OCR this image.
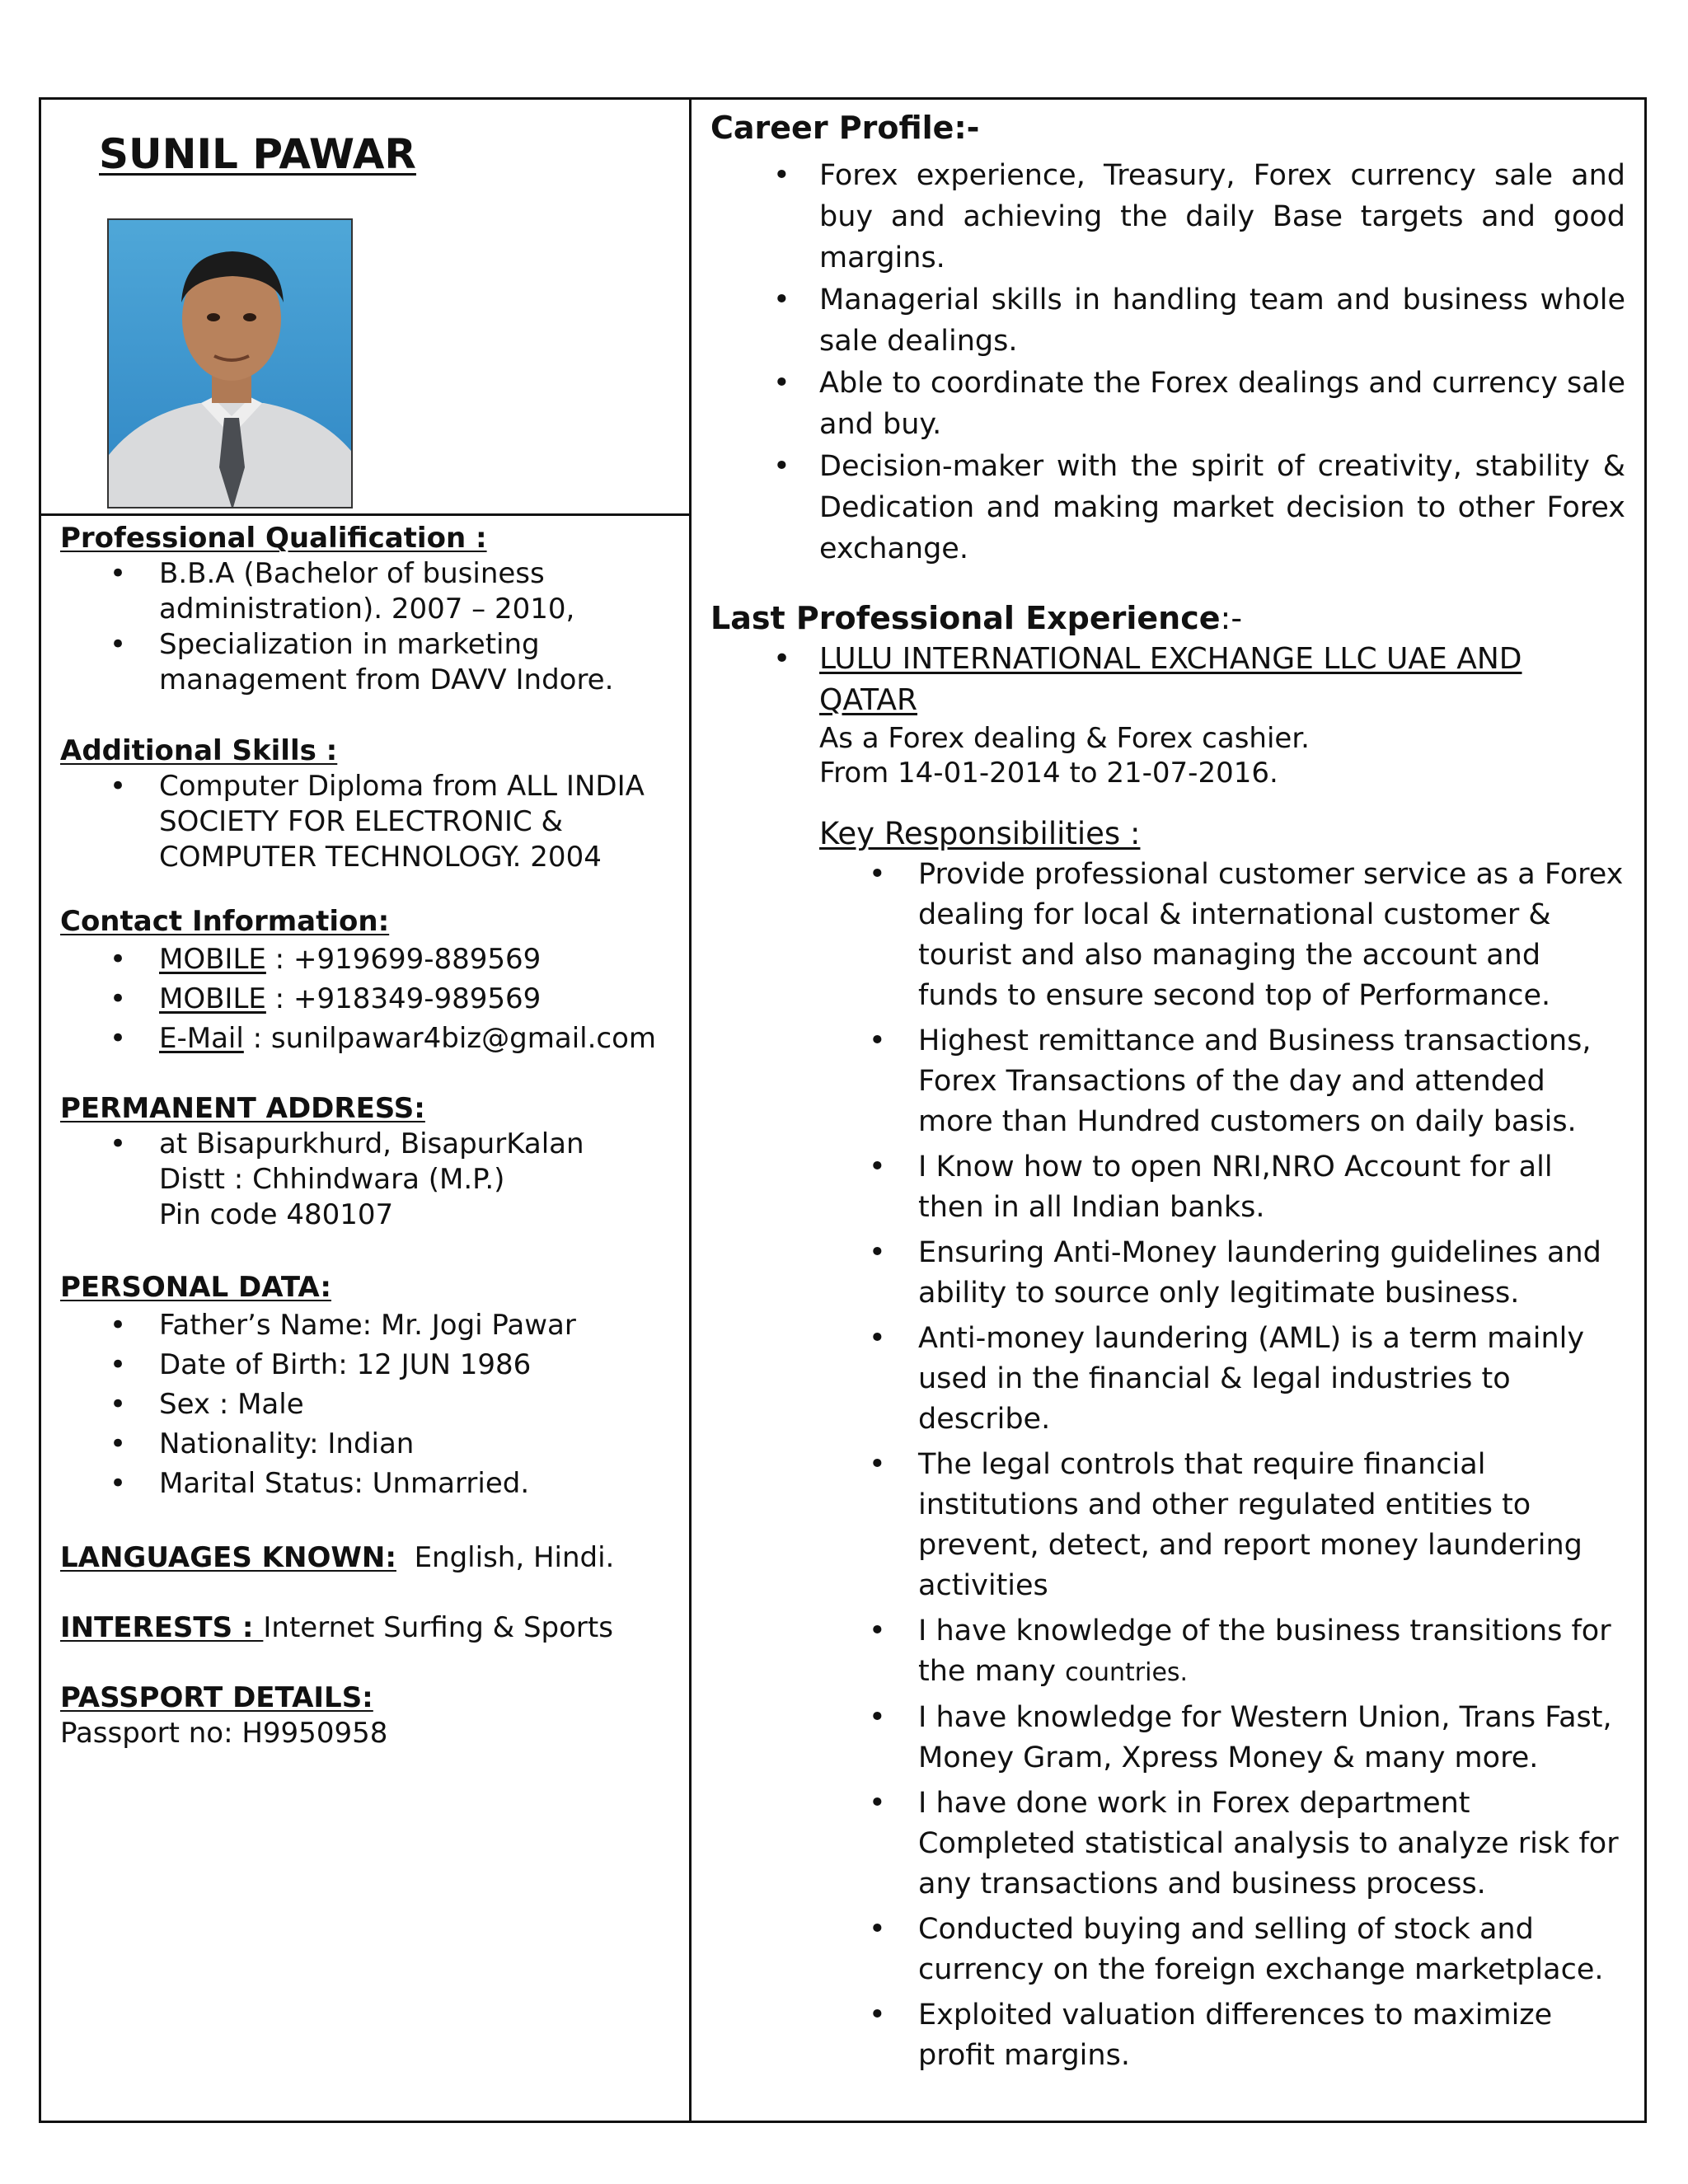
SUNIL PAWAR

Professional Qualification :

• B.B.A (Bachelor of business administration). 2007 – 2010,
• Specialization in marketing management from DAVV Indore.

Additional Skills :

• Computer Diploma from ALL INDIA SOCIETY FOR ELECTRONIC & COMPUTER TECHNOLOGY. 2004

Contact Information:

• MOBILE : +919699-889569
• MOBILE : +918349-989569
• E-Mail : sunilpawar4biz@gmail.com

PERMANENT ADDRESS:

• at Bisapurkhurd, BisapurKalan
Distt : Chhindwara (M.P.)
Pin code 480107

PERSONAL DATA:

• Father’s Name: Mr. Jogi Pawar
• Date of Birth: 12 JUN 1986
• Sex : Male
• Nationality: Indian
• Marital Status: Unmarried.

LANGUAGES KNOWN: English, Hindi.

INTERESTS : Internet Surfing & Sports

PASSPORT DETAILS:

Passport no: H9950958

Career Profile:-

• Forex experience, Treasury, Forex currency sale and buy and achieving the daily Base targets and good margins.
• Managerial skills in handling team and business whole sale dealings.
• Able to coordinate the Forex dealings and currency sale and buy.
• Decision-maker with the spirit of creativity, stability & Dedication and making market decision to other Forex exchange.

Last Professional Experience:-

• LULU INTERNATIONAL EXCHANGE LLC UAE AND QATAR
As a Forex dealing & Forex cashier.
From 14-01-2014 to 21-07-2016.
Key Responsibilities :
• Provide professional customer service as a Forex dealing for local & international customer & tourist and also managing the account and funds to ensure second top of Performance.
• Highest remittance and Business transactions, Forex Transactions of the day and attended more than Hundred customers on daily basis.
• I Know how to open NRI,NRO Account for all then in all Indian banks.
• Ensuring Anti-Money laundering guidelines and ability to source only legitimate business.
• Anti-money laundering (AML) is a term mainly used in the financial & legal industries to describe.
• The legal controls that require financial institutions and other regulated entities to prevent, detect, and report money laundering activities
• I have knowledge of the business transitions for the many countries.
• I have knowledge for Western Union, Trans Fast, Money Gram, Xpress Money & many more.
• I have done work in Forex department Completed statistical analysis to analyze risk for any transactions and business process.
• Conducted buying and selling of stock and currency on the foreign exchange marketplace.
• Exploited valuation differences to maximize profit margins.
